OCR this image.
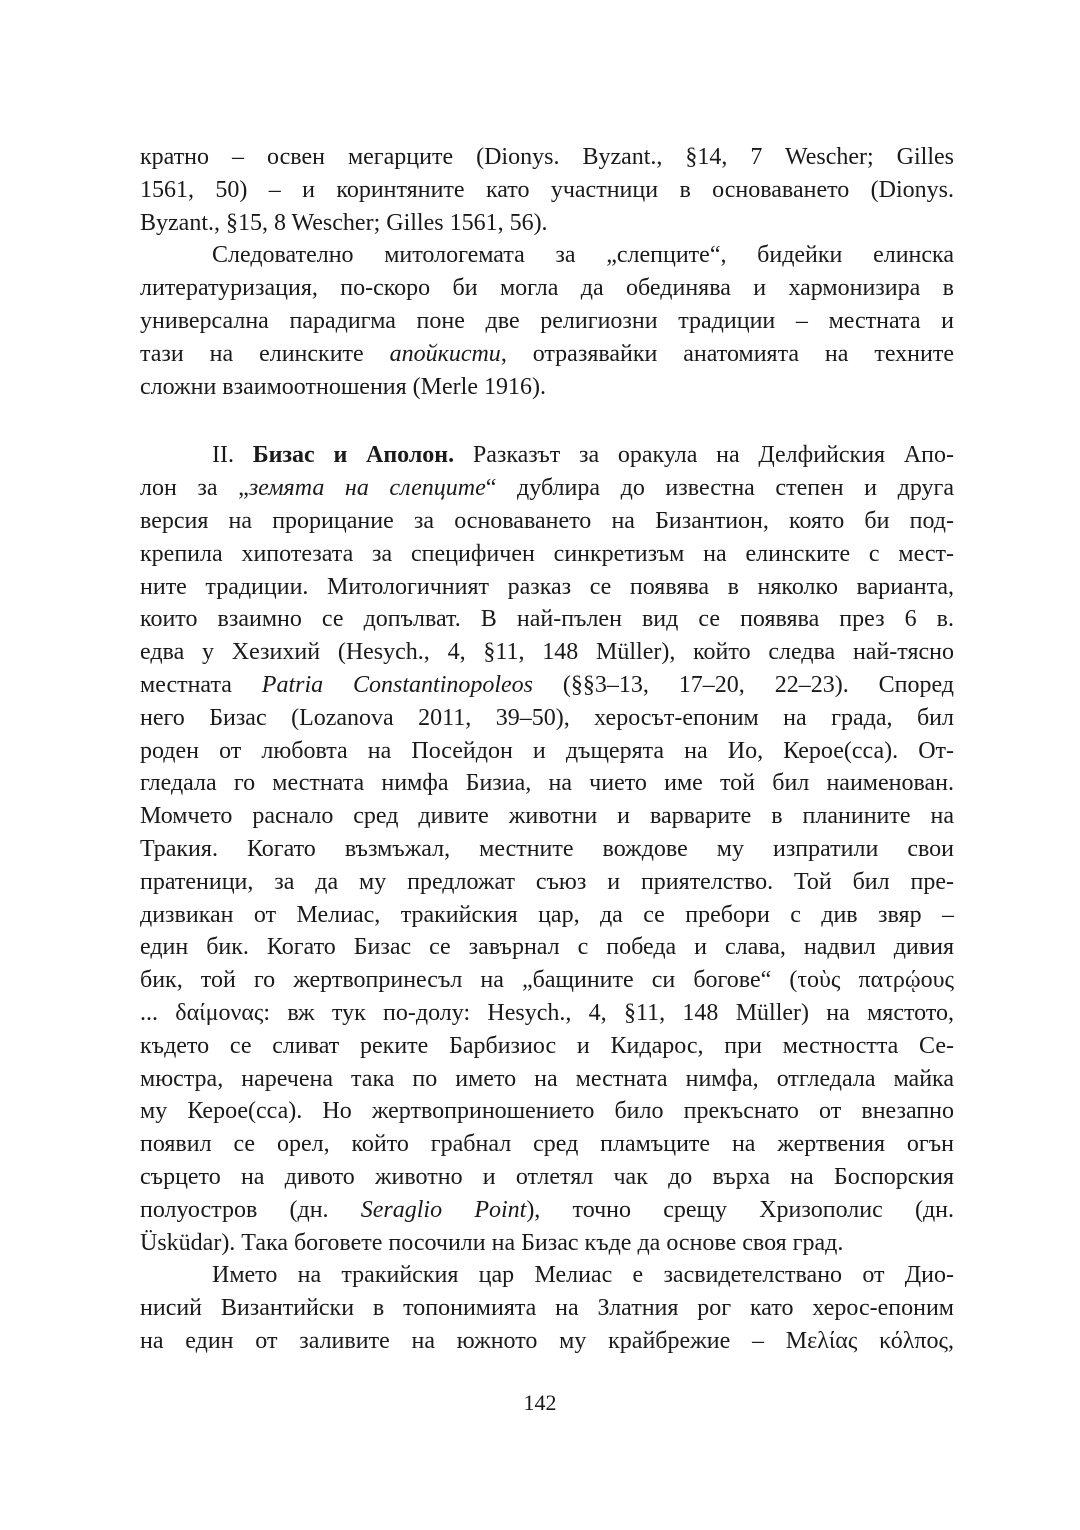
кратно – освен мегарците (Dionys. Byzant., §14, 7 Wescher; Gilles
1561, 50) – и коринтяните като участници в основаването (Dionys.
Byzant., §15, 8 Wescher; Gilles 1561, 56).
Следователно митологемата за „слепците“, бидейки елинска
литературизация, по-скоро би могла да обединява и хармонизира в
универсална парадигма поне две религиозни традиции – местната и
тази на елинските апойкисти, отразявайки анатомията на техните
сложни взаимоотношения (Merle 1916).
II. Бизас и Аполон. Разказът за оракула на Делфийския Апо-
лон за „земята на слепците“ дублира до известна степен и друга
версия на прорицание за основаването на Бизантион, която би под-
крепила хипотезата за специфичен синкретизъм на елинските с мест-
ните традиции. Митологичният разказ се появява в няколко варианта,
които взаимно се допълват. В най-пълен вид се появява през 6 в.
едва у Хезихий (Hesych., 4, §11, 148 Müller), който следва най-тясно
местната Patria Constantinopoleos (§§3–13, 17–20, 22–23). Според
него Бизас (Lozanova 2011, 39–50), херосът-епоним на града, бил
роден от любовта на Посейдон и дъщерята на Ио, Керое(сса). От-
гледала го местната нимфа Бизиа, на чието име той бил наименован.
Момчето раснало сред дивите животни и варварите в планините на
Тракия. Когато възмъжал, местните вождове му изпратили свои
пратеници, за да му предложат съюз и приятелство. Той бил пре-
дизвикан от Мелиас, тракийския цар, да се пребори с див звяр –
един бик. Когато Бизас се завърнал с победа и слава, надвил дивия
бик, той го жертвопринесъл на „бащините си богове“ (τοὺς πατρῴους
... δαίμονας: вж тук по-долу: Hesych., 4, §11, 148 Müller) на мястото,
където се сливат реките Барбизиос и Кидарос, при местността Се-
мюстра, наречена така по името на местната нимфа, отгледала майка
му Керое(сса). Но жертвоприношението било прекъснато от внезапно
появил се орел, който грабнал сред пламъците на жертвения огън
сърцето на дивото животно и отлетял чак до върха на Боспорския
полуостров (дн. Seraglio Point), точно срещу Хризополис (дн.
Üsküdar). Така боговете посочили на Бизас къде да основе своя град.
Името на тракийския цар Мелиас е засвидетелствано от Дио-
нисий Византийски в топонимията на Златния рог като херос-епоним
на един от заливите на южното му крайбрежие – Μελίας κόλπος,
142
